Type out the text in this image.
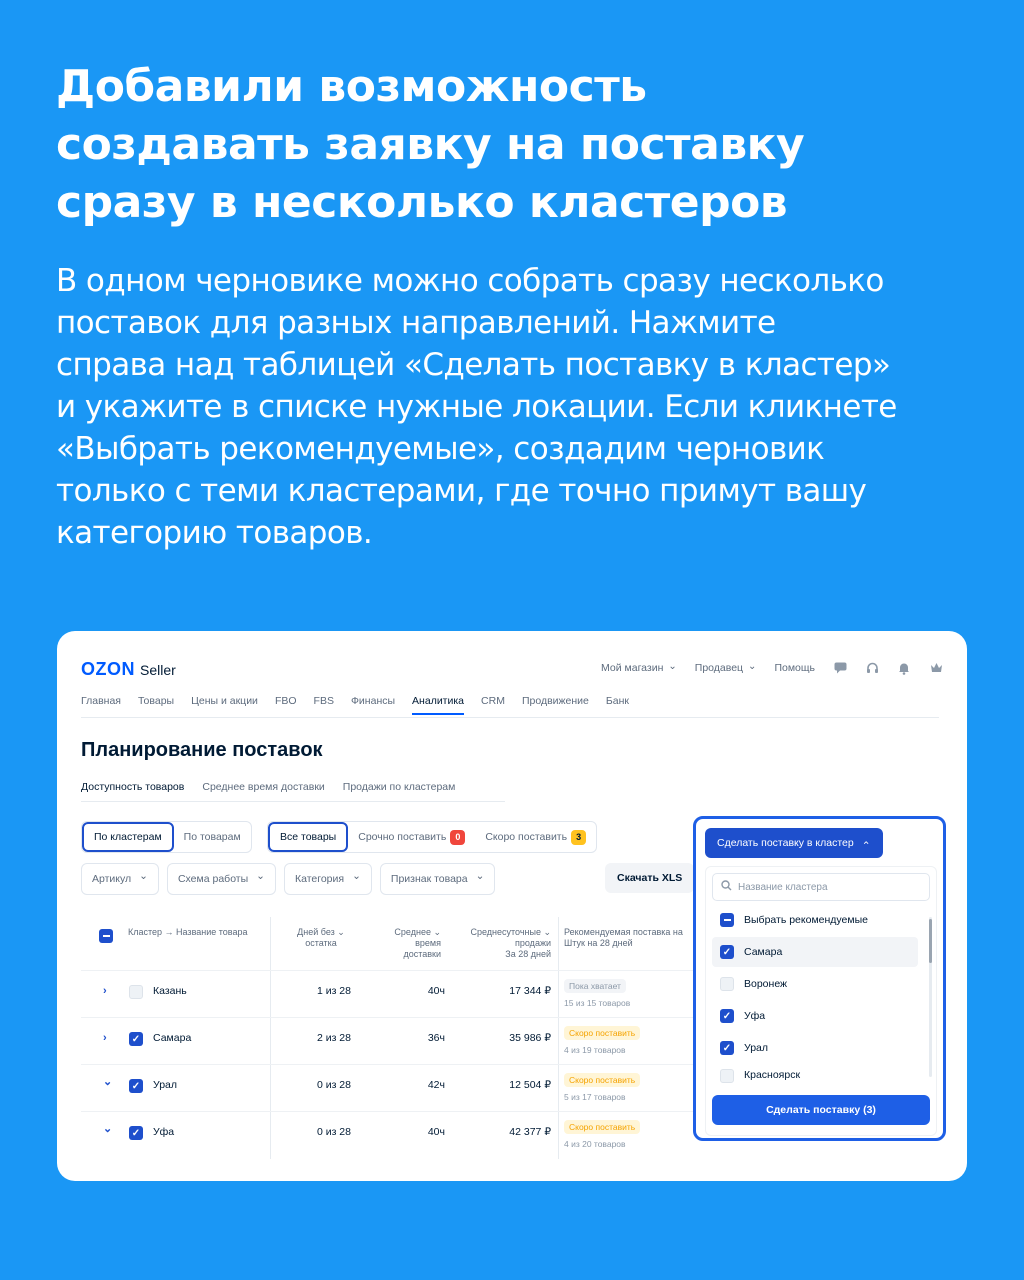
Добавили возможность
создавать заявку на поставку
сразу в несколько кластеров
В одном черновике можно собрать сразу несколько
поставок для разных направлений. Нажмите
справа над таблицей «Сделать поставку в кластер»
и укажите в списке нужные локации. Если кликнете
«Выбрать рекомендуемые», создадим черновик
только с теми кластерами, где точно примут вашу
категорию товаров.
OZON Seller	Мой магазин ⌄	Продавец ⌄	Помощь
Главная Товары Цены и акции FBO FBS Финансы Аналитика CRM Продвижение Банк
Планирование поставок
Доступность товаров Среднее время доставки Продажи по кластерам
По кластерам	По товарам	Все товары	Срочно поставить 0	Скоро поставить 3
Артикул ⌄	Схема работы ⌄	Категория ⌄	Признак товара ⌄	Скачать XLS
Кластер → Название товара	Дней без ⌄
остатка
Среднее ⌄
время
доставки
Среднесуточные ⌄
продажи
За 28 дней
Рекомендуемая поставка на
Штук на 28 дней
›	Казань	1 из 28	40ч	17 344 ₽	Пока хватает
15 из 15 товаров
›	✓ Самара	2 из 28	36ч	35 986 ₽	Скоро поставить
4 из 19 товаров
⌄ ✓ Урал	0 из 28	42ч	12 504 ₽	Скоро поставить
5 из 17 товаров
⌄ ✓ Уфа	0 из 28	40ч	42 377 ₽	Скоро поставить
4 из 20 товаров
Сделать поставку в кластер ⌃
Название кластера
Выбрать рекомендуемые
✓ Самара
Воронеж
✓ Уфа
✓ Урал
Красноярск
Сделать поставку (3)
